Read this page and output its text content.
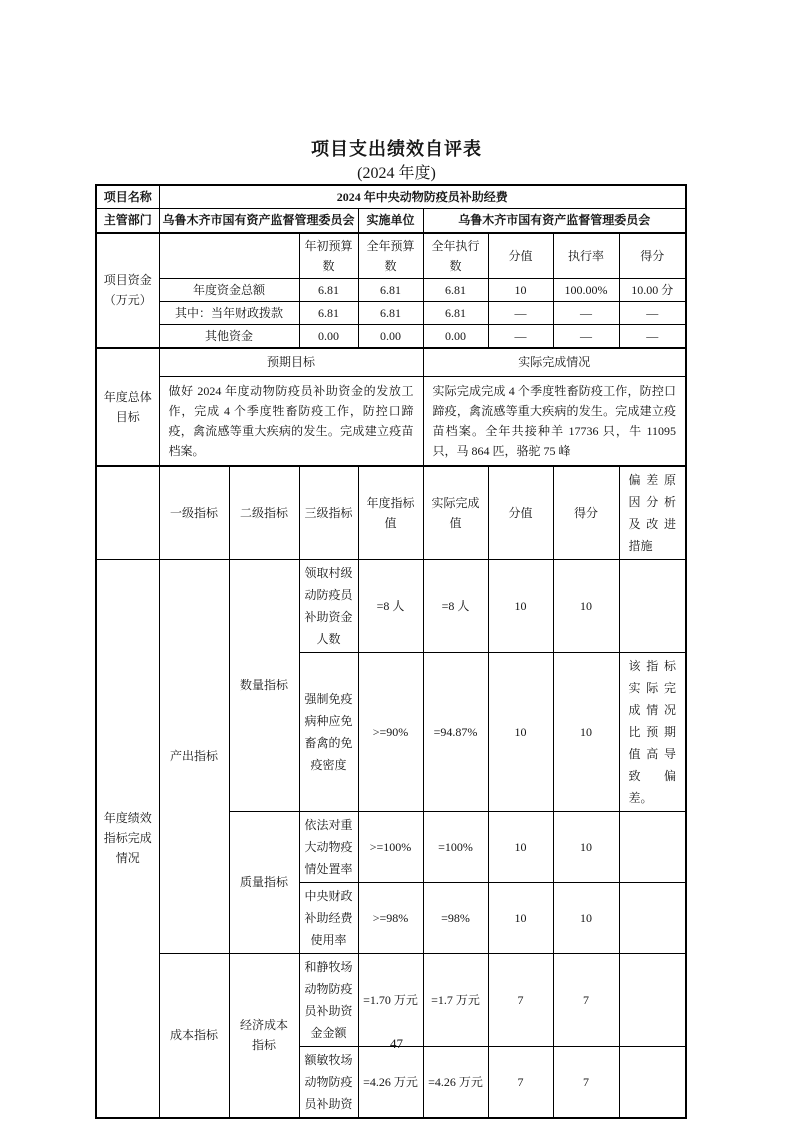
项目支出绩效自评表
(2024 年度)
项目名称	2024 年中央动物防疫员补助经费							
主管部门	乌鲁木齐市国有资产监督管理委员会			实施单位	乌鲁木齐市国有资产监督管理委员会			
项目资金（万元）			年初预算数	全年预算数	全年执行数	分值	执行率	得分
	年度资金总额		6.81	6.81	6.81	10	100.00%	10.00 分
	其中：当年财政拨款		6.81	6.81	6.81	—	—	—
	其他资金		0.00	0.00	0.00	—	—	—
年度总体目标	预期目标				实际完成情况			
	做好 2024 年度动物防疫员补助资金的发放工作，完成 4 个季度牲畜防疫工作，防控口蹄疫，禽流感等重大疾病的发生。完成建立疫苗档案。				实际完成完成 4 个季度牲畜防疫工作，防控口蹄疫，禽流感等重大疾病的发生。完成建立疫苗档案。全年共接种羊 17736 只，牛 11095 只，马 864 匹，骆驼 75 峰			
	一级指标	二级指标	三级指标	年度指标值	实际完成值	分值	得分	偏差原因分析及改进措施
年度绩效指标完成情况	产出指标	数量指标	领取村级动防疫员补助资金人数	=8 人	=8 人	10	10	
			强制免疫病种应免畜禽的免疫密度	>=90%	=94.87%	10	10	该指标实际完成情况比预期值高导致偏差。
		质量指标	依法对重大动物疫情处置率	>=100%	=100%	10	10	
			中央财政补助经费使用率	>=98%	=98%	10	10	
	成本指标	经济成本指标	和静牧场动物防疫员补助资金金额	=1.70 万元	=1.7 万元	7	7	
			额敏牧场动物防疫员补助资	=4.26 万元	=4.26 万元	7	7	
47
